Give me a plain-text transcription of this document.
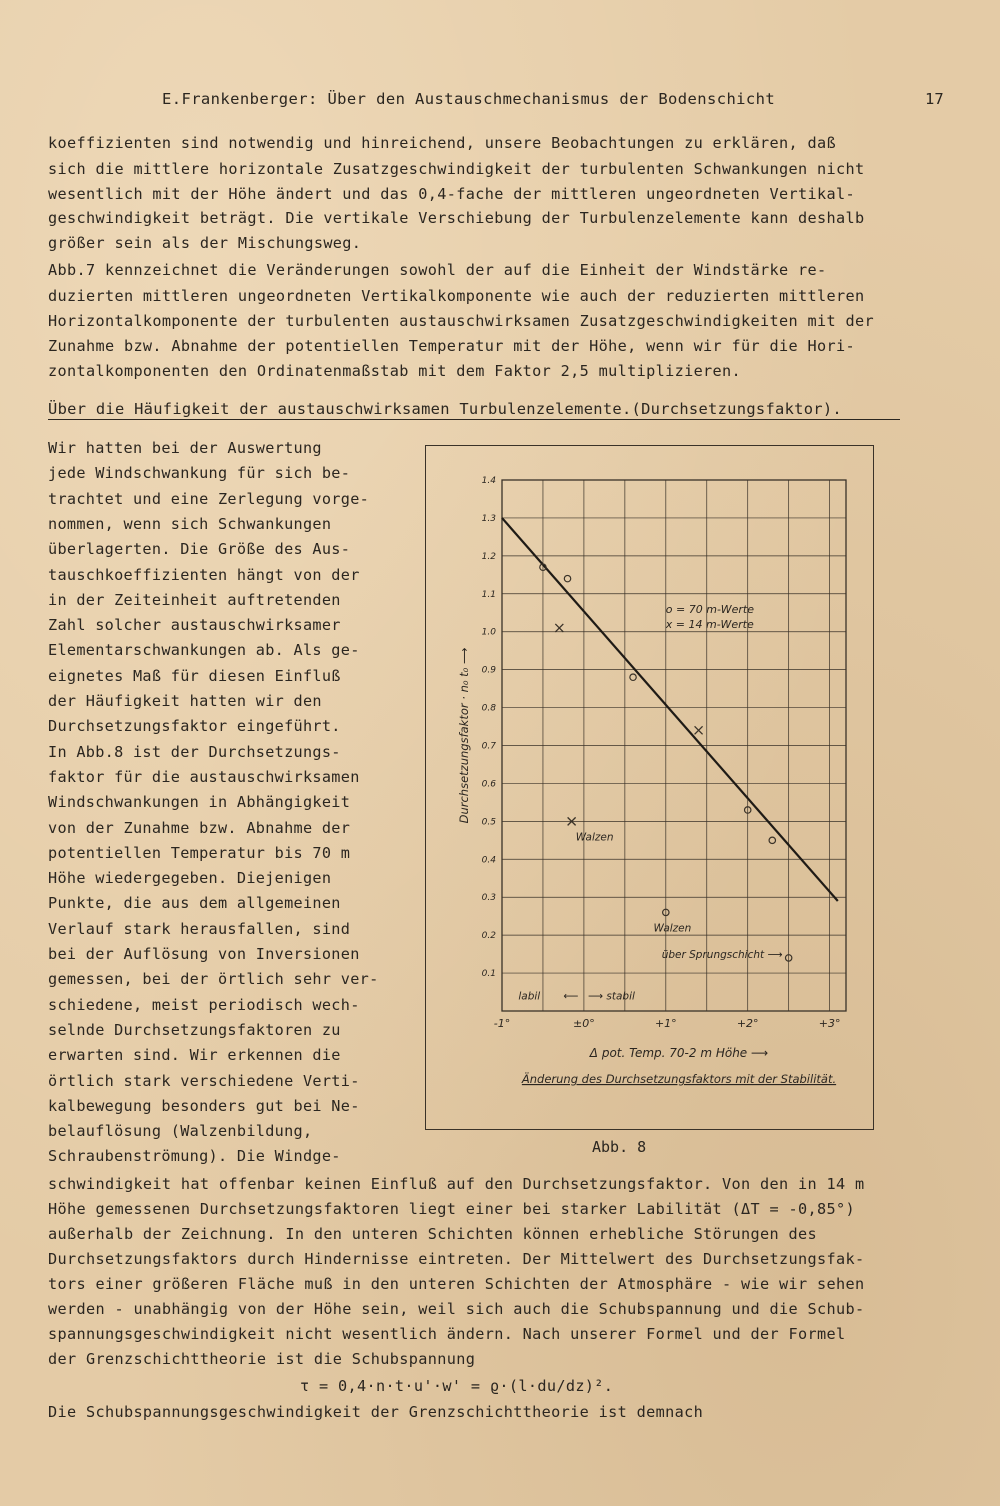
E.Frankenberger: Über den Austauschmechanismus der Bodenschicht	17
koeffizienten sind notwendig und hinreichend, unsere Beobachtungen zu erklären, daß
sich die mittlere horizontale Zusatzgeschwindigkeit der turbulenten Schwankungen nicht
wesentlich mit der Höhe ändert und das 0,4-fache der mittleren ungeordneten Vertikal-
geschwindigkeit beträgt. Die vertikale Verschiebung der Turbulenzelemente kann deshalb
größer sein als der Mischungsweg.
Abb.7 kennzeichnet die Veränderungen sowohl der auf die Einheit der Windstärke re-
duzierten mittleren ungeordneten Vertikalkomponente wie auch der reduzierten mittleren
Horizontalkomponente der turbulenten austauschwirksamen Zusatzgeschwindigkeiten mit der
Zunahme bzw. Abnahme der potentiellen Temperatur mit der Höhe, wenn wir für die Hori-
zontalkomponenten den Ordinatenmaßstab mit dem Faktor 2,5 multiplizieren.
Über die Häufigkeit der austauschwirksamen Turbulenzelemente.(Durchsetzungsfaktor).
Wir hatten bei der Auswertung
jede Windschwankung für sich be-
trachtet und eine Zerlegung vorge-
nommen, wenn sich Schwankungen
überlagerten. Die Größe des Aus-
tauschkoeffizienten hängt von der
in der Zeiteinheit auftretenden
Zahl solcher austauschwirksamer
Elementarschwankungen ab. Als ge-
eignetes Maß für diesen Einfluß
der Häufigkeit hatten wir den
Durchsetzungsfaktor eingeführt.
In Abb.8 ist der Durchsetzungs-
faktor für die austauschwirksamen
Windschwankungen in Abhängigkeit
von der Zunahme bzw. Abnahme der
potentiellen Temperatur bis 70 m
Höhe wiedergegeben. Diejenigen
Punkte, die aus dem allgemeinen
Verlauf stark herausfallen, sind
bei der Auflösung von Inversionen
gemessen, bei der örtlich sehr ver-
schiedene, meist periodisch wech-
selnde Durchsetzungsfaktoren zu
erwarten sind. Wir erkennen die
örtlich stark verschiedene Verti-
kalbewegung besonders gut bei Ne-
belauflösung (Walzenbildung,
Schraubenströmung). Die Windge-
0.1
0.2
0.3
0.4
0.5
0.6
0.7
0.8
0.9
1.0
1.1
1.2
1.3
1.4
-1°	±0°	+1°	+2°	+3°
o = 70 m-Werte
x = 14 m-Werte
Walzen
Walzen
über Sprungschicht ⟶
labil ⟵ ⟶ stabil
Δ pot. Temp. 70-2 m Höhe ⟶
Durchsetzungsfaktor · n₀ t₀ ⟶
Änderung des Durchsetzungsfaktors mit der Stabilität.
Abb. 8
schwindigkeit hat offenbar keinen Einfluß auf den Durchsetzungsfaktor. Von den in 14 m
Höhe gemessenen Durchsetzungsfaktoren liegt einer bei starker Labilität (ΔT = -0,85°)
außerhalb der Zeichnung. In den unteren Schichten können erhebliche Störungen des
Durchsetzungsfaktors durch Hindernisse eintreten. Der Mittelwert des Durchsetzungsfak-
tors einer größeren Fläche muß in den unteren Schichten der Atmosphäre - wie wir sehen
werden - unabhängig von der Höhe sein, weil sich auch die Schubspannung und die Schub-
spannungsgeschwindigkeit nicht wesentlich ändern. Nach unserer Formel und der Formel
der Grenzschichttheorie ist die Schubspannung
τ = 0,4·n·t·u'·w' = ϱ·(l·du/dz)².
Die Schubspannungsgeschwindigkeit der Grenzschichttheorie ist demnach
